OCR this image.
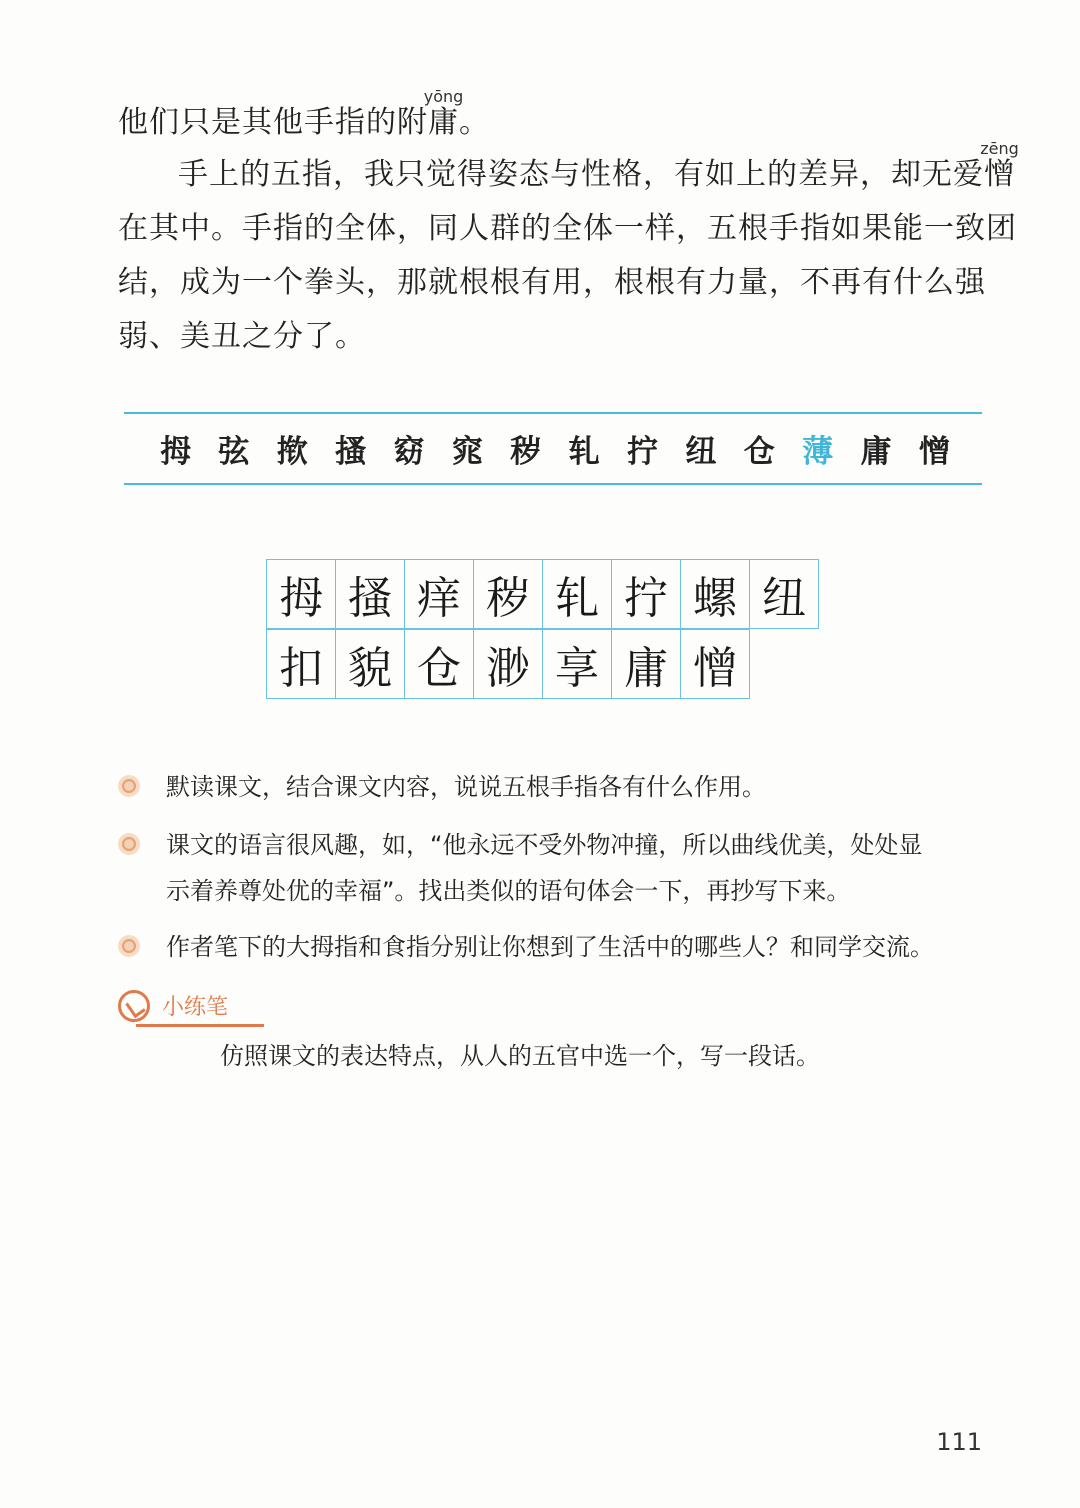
他们只是其他手指的附
yōng
庸。
手上的五指，我只觉得姿态与性格，有如上的差异，却无爱
zēng
憎
在其中。手指的全体，同人群的全体一样，五根手指如果能一致团
结，成为一个拳头，那就根根有用，根根有力量，不再有什么强
弱、美丑之分了。
拇 弦 揿 搔 窈 窕 秽 轧 拧 纽 仓 薄 庸 憎
拇 搔 痒 秽 轧 拧 螺 纽
扣 貌 仓 渺 享 庸 憎
默读课文，结合课文内容，说说五根手指各有什么作用。
课文的语言很风趣，如，“他永远不受外物冲撞，所以曲线优美，处处显
示着养尊处优的幸福”。找出类似的语句体会一下，再抄写下来。
作者笔下的大拇指和食指分别让你想到了生活中的哪些人？和同学交流。
小练笔
仿照课文的表达特点，从人的五官中选一个，写一段话。
111
